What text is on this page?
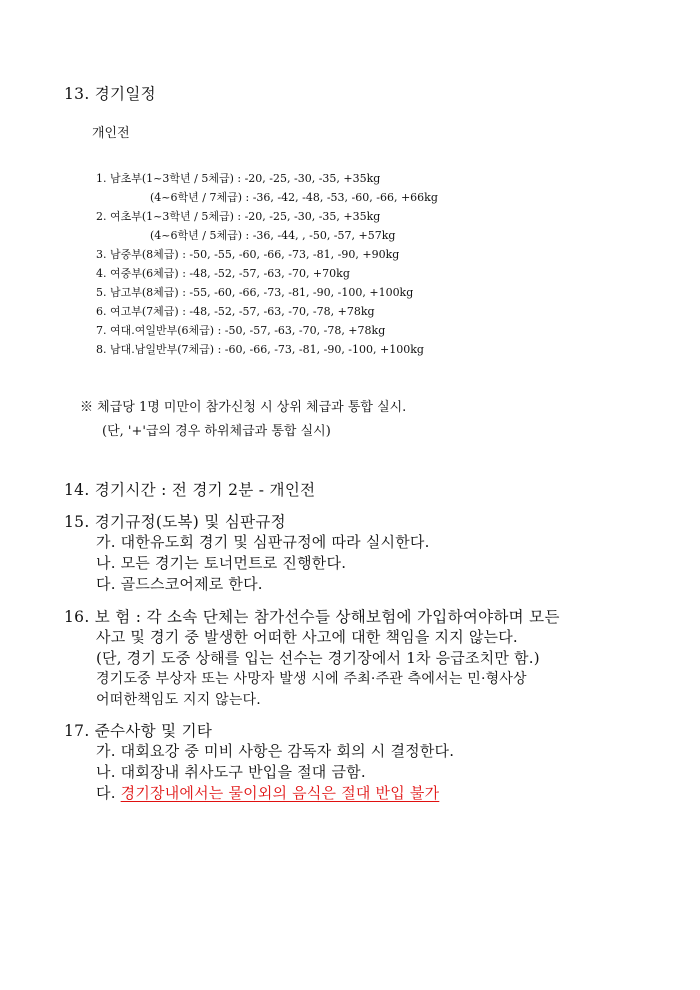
13. 경기일정
개인전
1. 남초부(1~3학년 / 5체급) : -20, -25, -30, -35, +35kg
(4~6학년 / 7체급) : -36, -42, -48, -53, -60, -66, +66kg
2. 여초부(1~3학년 / 5체급) : -20, -25, -30, -35, +35kg
(4~6학년 / 5체급) : -36, -44, , -50, -57, +57kg
3. 남중부(8체급) : -50, -55, -60, -66, -73, -81, -90, +90kg
4. 여중부(6체급) : -48, -52, -57, -63, -70, +70kg
5. 남고부(8체급) : -55, -60, -66, -73, -81, -90, -100, +100kg
6. 여고부(7체급) : -48, -52, -57, -63, -70, -78, +78kg
7. 여대.여일반부(6체급) : -50, -57, -63, -70, -78, +78kg
8. 남대.남일반부(7체급) : -60, -66, -73, -81, -90, -100, +100kg
※ 체급당 1명 미만이 참가신청 시 상위 체급과 통합 실시.
(단, '+'급의 경우 하위체급과 통합 실시)
14. 경기시간 : 전 경기 2분 - 개인전
15. 경기규정(도복) 및 심판규정
가. 대한유도회 경기 및 심판규정에 따라 실시한다.
나. 모든 경기는 토너먼트로 진행한다.
다. 골드스코어제로 한다.
16. 보 험 : 각 소속 단체는 참가선수들 상해보험에 가입하여야하며 모든
사고 및 경기 중 발생한 어떠한 사고에 대한 책임을 지지 않는다.
(단, 경기 도중 상해를 입는 선수는 경기장에서 1차 응급조치만 함.)
경기도중 부상자 또는 사망자 발생 시에 주최·주관 측에서는 민·형사상
어떠한책임도 지지 않는다.
17. 준수사항 및 기타
가. 대회요강 중 미비 사항은 감독자 회의 시 결정한다.
나. 대회장내 취사도구 반입을 절대 금함.
다. 경기장내에서는 물이외의 음식은 절대 반입 불가
